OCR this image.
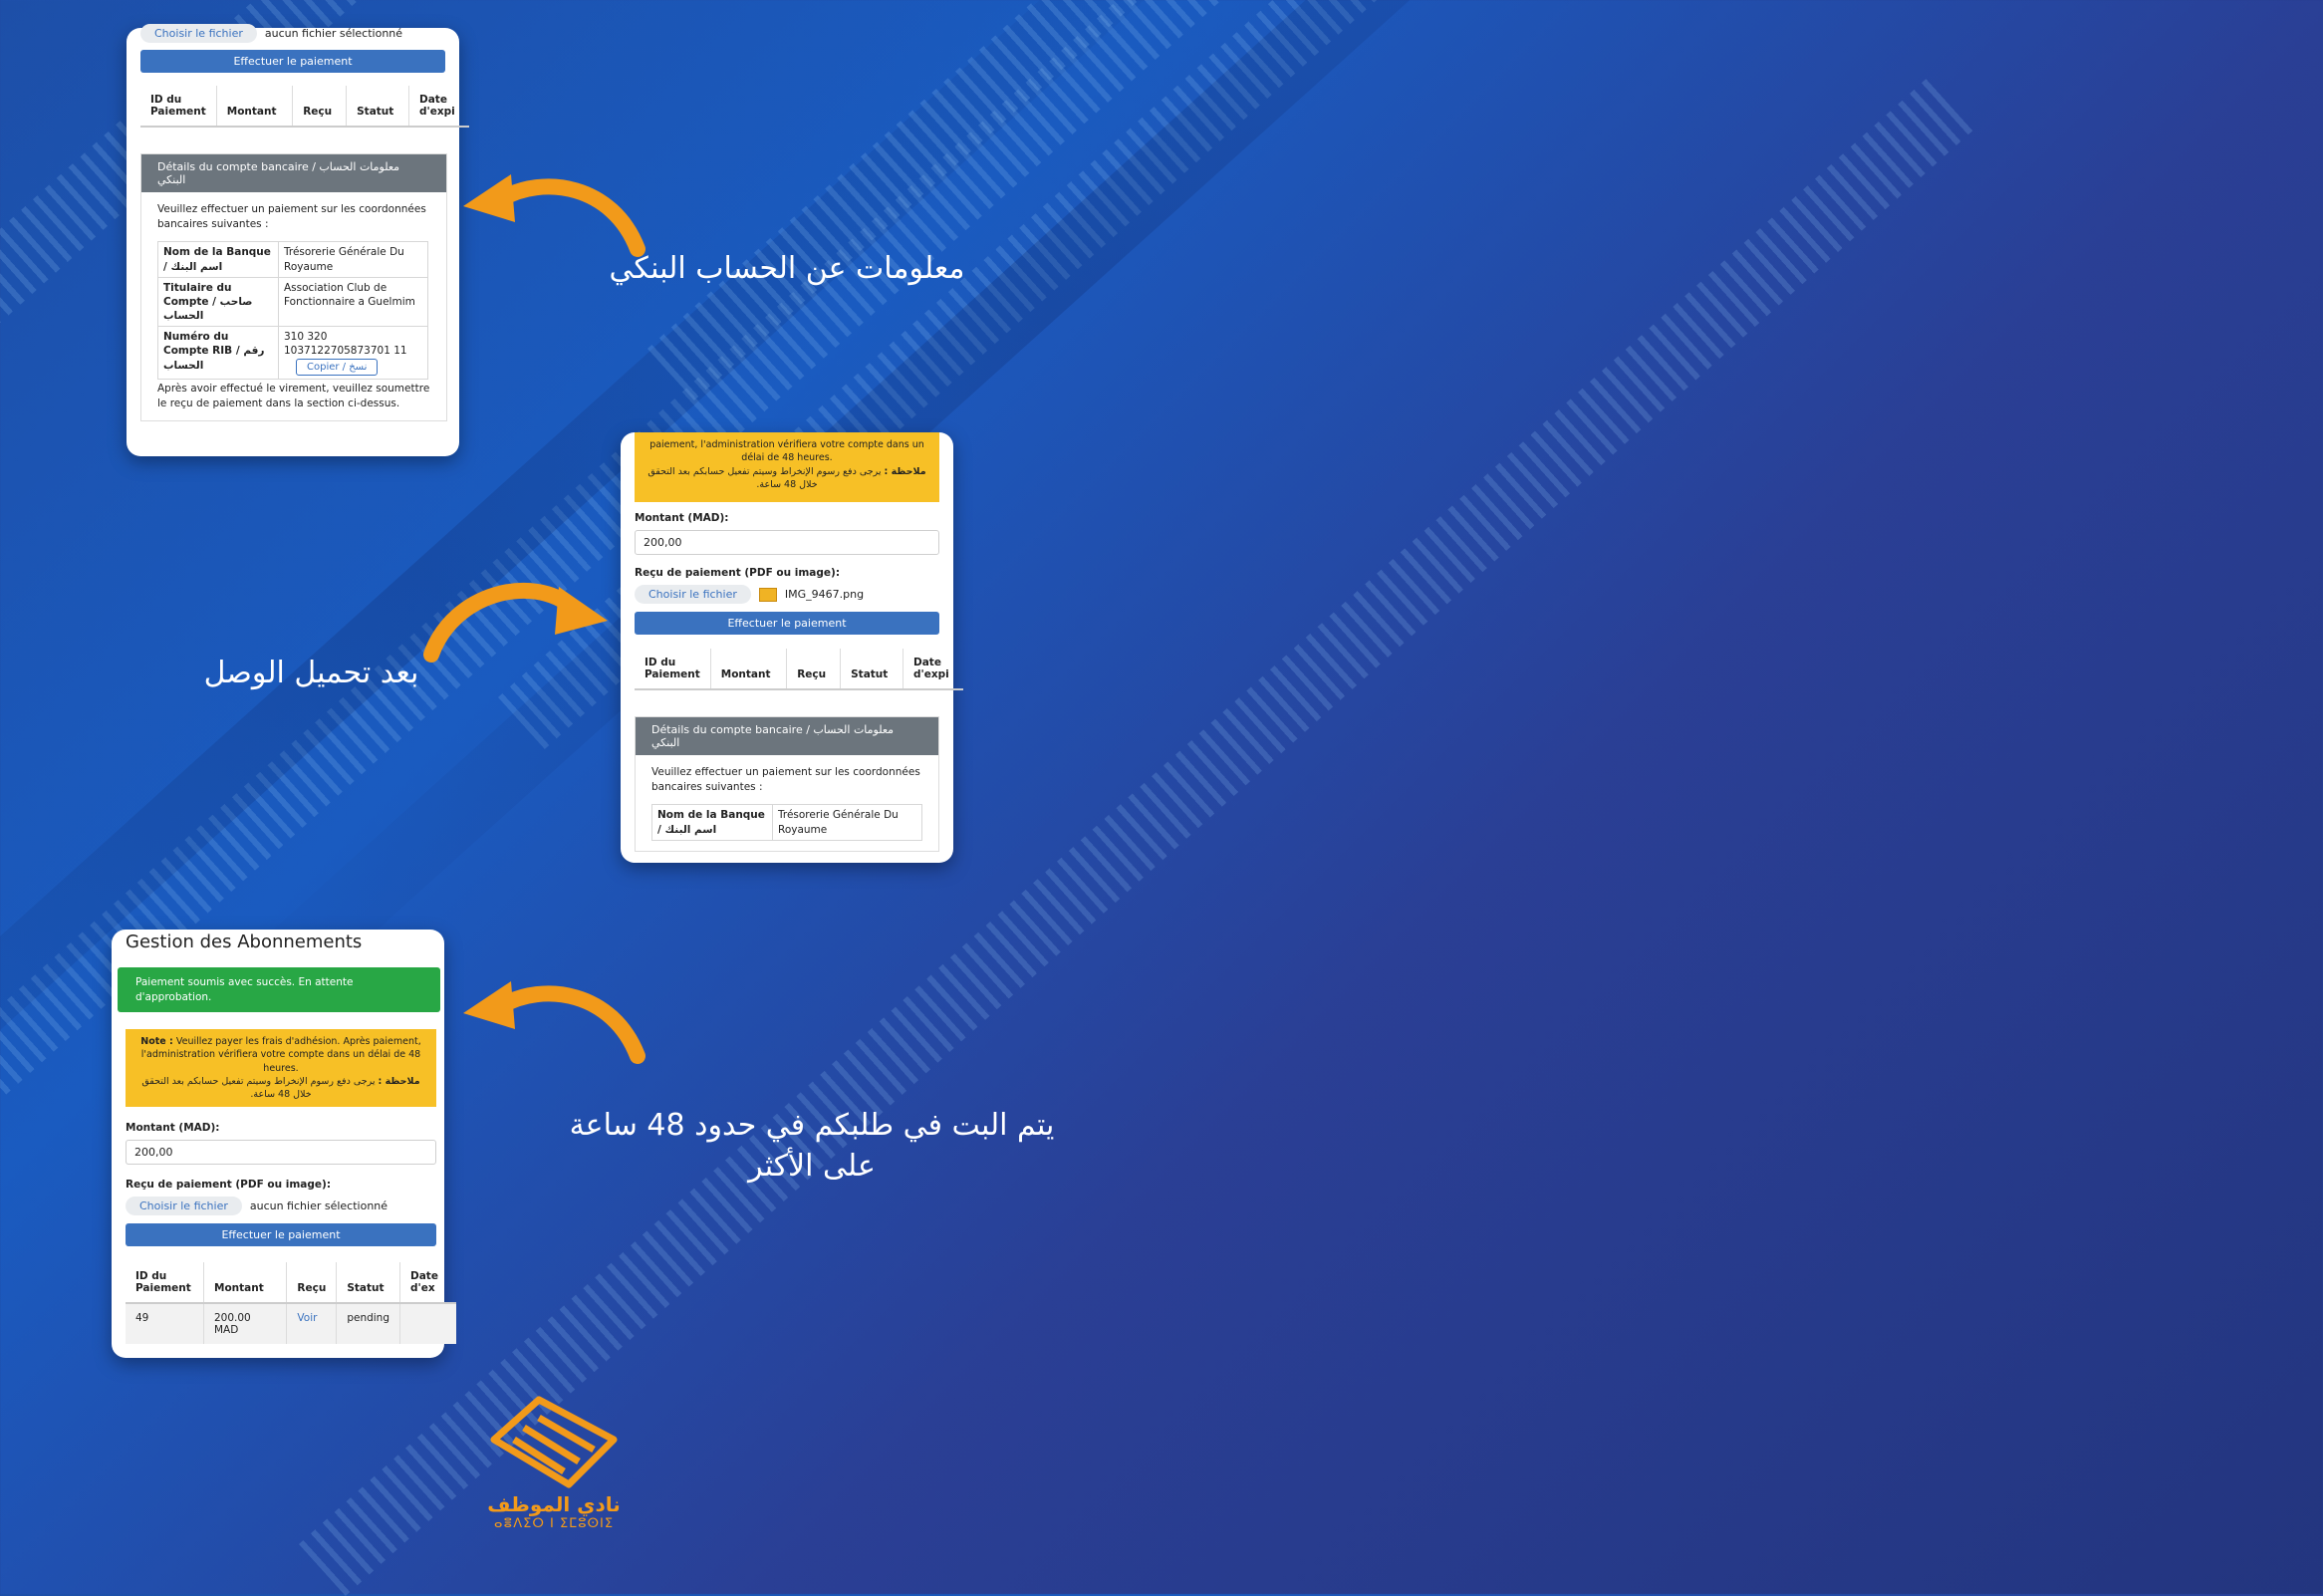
Choisir le fichier	aucun fichier sélectionné
Effectuer le paiement
ID du Paiement	Montant	Reçu	Statut	Date d'expi
Détails du compte bancaire / معلومات الحساب البنكي
Veuillez effectuer un paiement sur les coordonnées bancaires suivantes :
Nom de la Banque / اسم البنك	Trésorerie Générale Du Royaume
Titulaire du Compte / صاحب الحساب	Association Club de Fonctionnaire a Guelmim
Numéro du Compte RIB / رقم الحساب	310 320
1037122705873701 11
Copier / نسخ
Après avoir effectué le virement, veuillez soumettre le reçu de paiement dans la section ci-dessus.
paiement, l'administration vérifiera votre compte dans un délai de 48 heures.
ملاحظة : يرجى دفع رسوم الإنخراط وسيتم تفعيل حسابكم بعد التحقق خلال 48 ساعة.
Montant (MAD):
200,00
Reçu de paiement (PDF ou image):
Choisir le fichier	IMG_9467.png
Effectuer le paiement
ID du Paiement	Montant	Reçu	Statut	Date d'expi
Détails du compte bancaire / معلومات الحساب البنكي
Veuillez effectuer un paiement sur les coordonnées bancaires suivantes :
Nom de la Banque / اسم البنك	Trésorerie Générale Du Royaume
Gestion des Abonnements
Paiement soumis avec succès. En attente d'approbation.
Note : Veuillez payer les frais d'adhésion. Après paiement, l'administration vérifiera votre compte dans un délai de 48 heures.
ملاحظة : يرجى دفع رسوم الإنخراط وسيتم تفعيل حسابكم بعد التحقق خلال 48 ساعة.
Montant (MAD):
200,00
Reçu de paiement (PDF ou image):
Choisir le fichier	aucun fichier sélectionné
Effectuer le paiement
ID du Paiement	Montant	Reçu	Statut	Date d'ex
49	200.00 MAD	Voir	pending	
معلومات عن الحساب البنكي
بعد تحميل الوصل
يتم البت في طلبكم في حدود 48 ساعة
على الأكثر
نادي الموظف
ⴰⴻⴷⵉⵔ ⵏ ⵉⵎⵓⵙⵏⵉ
